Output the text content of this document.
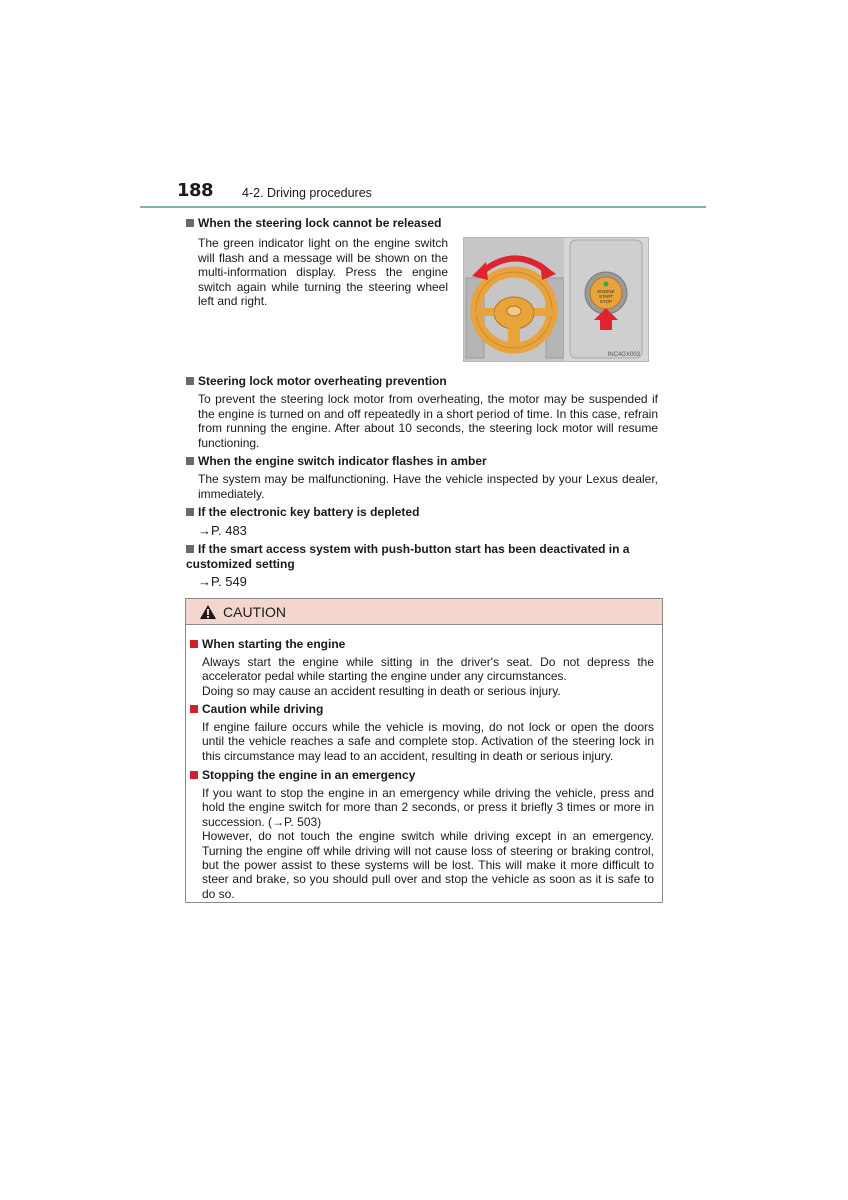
188 4-2. Driving procedures
When the steering lock cannot be released
The green indicator light on the engine switch will flash and a message will be shown on the multi-information display. Press the engine switch again while turning the steering wheel left and right.
ENGINE
START
STOP
INC4GX003
Steering lock motor overheating prevention
To prevent the steering lock motor from overheating, the motor may be suspended if the engine is turned on and off repeatedly in a short period of time. In this case, refrain from running the engine. After about 10 seconds, the steering lock motor will resume functioning.
When the engine switch indicator flashes in amber
The system may be malfunctioning. Have the vehicle inspected by your Lexus dealer, immediately.
If the electronic key battery is depleted
→P. 483
If the smart access system with push-button start has been deactivated in a customized setting
→P. 549
CAUTION
When starting the engine
Always start the engine while sitting in the driver's seat. Do not depress the accelerator pedal while starting the engine under any circumstances.
Doing so may cause an accident resulting in death or serious injury.
Caution while driving
If engine failure occurs while the vehicle is moving, do not lock or open the doors until the vehicle reaches a safe and complete stop. Activation of the steering lock in this circumstance may lead to an accident, resulting in death or serious injury.
Stopping the engine in an emergency
If you want to stop the engine in an emergency while driving the vehicle, press and hold the engine switch for more than 2 seconds, or press it briefly 3 times or more in succession. (→P. 503)
However, do not touch the engine switch while driving except in an emergency. Turning the engine off while driving will not cause loss of steering or braking control, but the power assist to these systems will be lost. This will make it more difficult to steer and brake, so you should pull over and stop the vehicle as soon as it is safe to do so.
